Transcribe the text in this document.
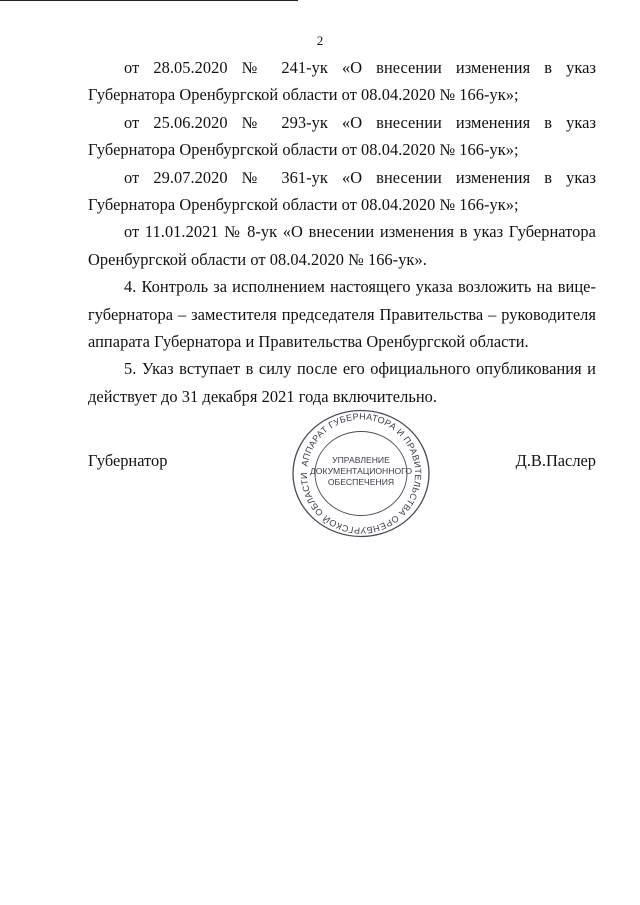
2

от 28.05.2020 № 241-ук «О внесении изменения в указ Губернатора Оренбургской области от 08.04.2020 № 166-ук»;

от 25.06.2020 № 293-ук «О внесении изменения в указ Губернатора Оренбургской области от 08.04.2020 № 166-ук»;

от 29.07.2020 № 361-ук «О внесении изменения в указ Губернатора Оренбургской области от 08.04.2020 № 166-ук»;

от 11.01.2021 № 8-ук «О внесении изменения в указ Губернатора Оренбургской области от 08.04.2020 № 166-ук».

4. Контроль за исполнением настоящего указа возложить на вице-губернатора – заместителя председателя Правительства – руководителя аппарата Губернатора и Правительства Оренбургской области.

5. Указ вступает в силу после его официального опубликования и действует до 31 декабря 2021 года включительно.

Губернатор	Д.В.Паслер
АППАРАТ ГУБЕРНАТОРА И ПРАВИТЕЛЬСТВА ОРЕНБУРГСКОЙ ОБЛАСТИ
УПРАВЛЕНИЕ
ДОКУМЕНТАЦИОННОГО
ОБЕСПЕЧЕНИЯ
